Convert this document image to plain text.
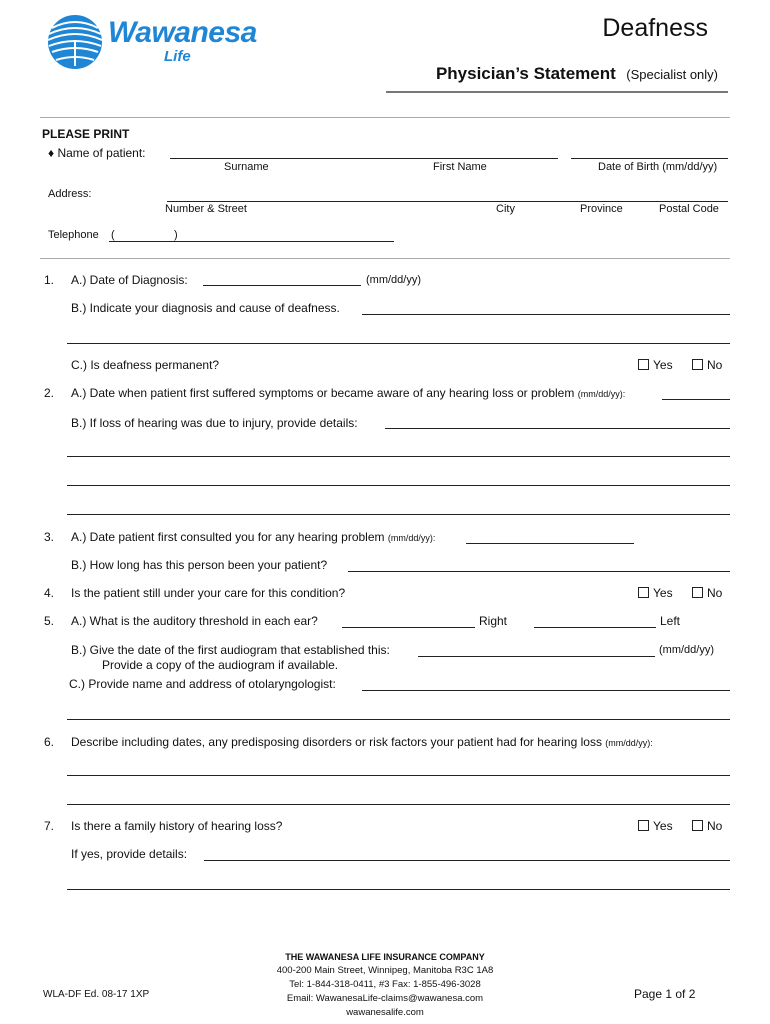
Wawanesa
Life
Deafness
Physician’s Statement (Specialist only)
PLEASE PRINT
♦ Name of patient:
Surname	First Name	Date of Birth (mm/dd/yy)
Address:
Number & Street	City	Province	Postal Code
Telephone (	)
1. A.) Date of Diagnosis:	(mm/dd/yy)
B.) Indicate your diagnosis and cause of deafness.
C.) Is deafness permanent?	Yes	No
2. A.) Date when patient first suffered symptoms or became aware of any hearing loss or problem (mm/dd/yy):
B.) If loss of hearing was due to injury, provide details:
3. A.) Date patient first consulted you for any hearing problem (mm/dd/yy):
B.) How long has this person been your patient?
4. Is the patient still under your care for this condition?	Yes	No
5. A.) What is the auditory threshold in each ear?	Right	Left
B.) Give the date of the first audiogram that established this:	(mm/dd/yy)
Provide a copy of the audiogram if available.
C.) Provide name and address of otolaryngologist:
6. Describe including dates, any predisposing disorders or risk factors your patient had for hearing loss (mm/dd/yy):
7. Is there a family history of hearing loss?	Yes	No
If yes, provide details:
THE WAWANESA LIFE INSURANCE COMPANY
400-200 Main Street, Winnipeg, Manitoba R3C 1A8
Tel: 1-844-318-0411, #3 Fax: 1-855-496-3028
Email: WawanesaLife-claims@wawanesa.com
wawanesalife.com
WLA-DF Ed. 08-17 1XP	Page 1 of 2
